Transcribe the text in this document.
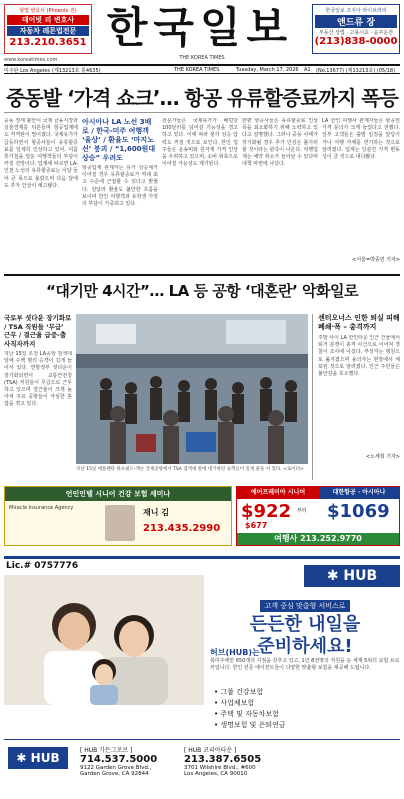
형법 변호사 (Phoenix 전)
데이빗 리 변호사
자동차 레몬법전문
213.210.3651 한국일보
THE KOREA TIMES
한국일보 조지아 라이브러리
앤드류 장
부동산 상법 · 고용시효 · 음주운전
(213)838-0000
www.koreatimes.com
미주판 Los Angeles (제13213호 통4635)	THE KOREA TIMES	Tuesday, March 17, 2026 A1 (No.13677) (제13213호) (05/18)
중동발 ‘가격 쇼크’… 항공 유류할증료까지 폭등
중동 정세 불안이 국제 금융시장과 실물경제를 뒤흔들며 항공업계에도 직격탄이 떨어졌다. 국제유가가 급등하면서 항공사들이 유류할증료를 일제히 인상하고 있어, 여름 휴가철을 앞둔 여행객들의 부담이 커질 전망이다. 업계에 따르면 LA-인천 노선의 유류할증료는 이달 들어 큰 폭으로 올랐으며 다음 달에도 추가 인상이 예고됐다.
아시아나 LA 노선 3배로 / 한국-미주 여행객 ‘울상’ / 환율도 ‘마지노선’ 붕괴 / “1,600원대 상승” 우려도
항공업계 관계자는 유가 상승세가 이어질 경우 유류할증료가 역대 최고 수준에 근접할 수 있다고 밝혔다. 원달러 환율도 불안한 흐름을 보이며 한인 여행객과 유학생 가정의 부담이 가중되고 있다.
전문가들은 국제유가가 배럴당 100달러를 넘어설 가능성을 경고하고 있다. 이에 따라 물가 상승 압력도 커질 것으로 보인다. 한인 업주들은 운송비와 원자재 가격 인상을 우려하고 있으며, 소비 위축으로 이어질 가능성도 제기된다.
한편 항공사들은 유류할증료 인상폭을 최소화하기 위해 노력하고 있다고 설명했다. 그러나 중동 사태가 장기화될 경우 추가 인상은 불가피할 것이라는 관측이 나온다. 여행업계는 예약 취소가 늘어날 수 있다며 대책 마련에 나섰다.
LA 한인 여행사 관계자들은 항공권 가격 문의가 크게 늘었다고 전했다. 일부 고객들은 출발 일정을 앞당기거나 여행 자체를 연기하는 것으로 알려졌다. 업계는 당분간 가격 변동성이 클 것으로 내다봤다.
<서울=박종민 기자>
“대기만 4시간”… LA 등 공항 ‘대혼란’ 악화일로
국토부 셧다운 장기화로 / TSA 직원들 ‘무급’ 근무 / 결근율 급증-출사직자까지
지난 15일 오전 LA공항 검색대 앞에 수백 명의 승객이 길게 늘어서 있다. 연방정부 셧다운이 장기화되면서 교통안전청(TSA) 직원들이 무급으로 근무하고 있으며 결근율이 크게 높아져 주요 공항들이 극심한 혼잡을 겪고 있다.
지난 15일 애틀랜타 하츠필드-잭슨 국제공항에서 TSA 검색대 앞에 대기하던 승객들이 길게 줄을 서 있다. <로이터>
센터오너스 인한 퇴실 피해 폐쇄·폭 – 총격까지
주말 사이 LA 한인타운 인근 건물에서 퇴거 분쟁이 총격 사건으로 이어져 경찰이 조사에 나섰다. 부상자는 병원으로 옮겨졌으며 용의자는 현장에서 체포된 것으로 알려졌다. 인근 주민들은 불안감을 호소했다.
<노세희 기자>
언인인텔 시니어 건강 보험 세미나
Miracle Insurance Agency	재니 김
213.435.2990
에어프레미아 시니어	대한항공 · 아시아나
$922 부터
$677
$1069
여행사 213.252.9770
Lic.# 0757776
✱ HUB
고객 중심 맞춤형 서비스로
든든한 내일을
준비하세요!
허브(HUB)는
북미주에만 650개의 지점을 갖추고 있고, 1만 8천명의 직원을 둔 세계 5위의 보험 브로커입니다. 한인 전문 에이전트들이 다양한 맞춤형 보험을 제공해 드립니다.
• 그룹 건강보험
• 사업체보험
• 주택 및 자동차보험
• 생명보험 및 은퇴연금
✱ HUB
[ HUB 가든그로브 ]
714.537.5000
9122 Garden Grove Blvd.,
Garden Grove, CA 92844
[ HUB 코리아타운 ]
213.387.6505
3701 Wilshire Blvd., #600
Los Angeles, CA 90010
